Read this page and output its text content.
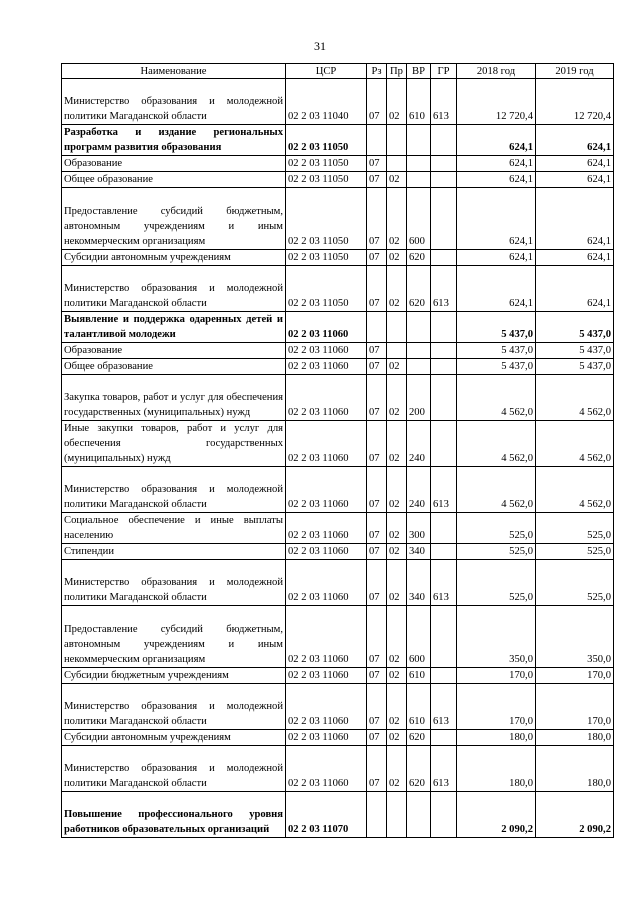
31
Наименование	ЦСР	Рз	Пр	ВР	ГР	2018 год	2019 год
Министерство образования и молодежной политики Магаданской области	02 2 03 11040	07	02	610	613	12 720,4	12 720,4
Разработка и издание региональных программ развития образования	02 2 03 11050					624,1	624,1
Образование	02 2 03 11050	07				624,1	624,1
Общее образование	02 2 03 11050	07	02			624,1	624,1
Предоставление субсидий бюджетным, автономным учреждениям и иным некоммерческим организациям	02 2 03 11050	07	02	600		624,1	624,1
Субсидии автономным учреждениям	02 2 03 11050	07	02	620		624,1	624,1
Министерство образования и молодежной политики Магаданской области	02 2 03 11050	07	02	620	613	624,1	624,1
Выявление и поддержка одаренных детей и талантливой молодежи	02 2 03 11060					5 437,0	5 437,0
Образование	02 2 03 11060	07				5 437,0	5 437,0
Общее образование	02 2 03 11060	07	02			5 437,0	5 437,0
Закупка товаров, работ и услуг для обеспечения государственных (муниципальных) нужд	02 2 03 11060	07	02	200		4 562,0	4 562,0
Иные закупки товаров, работ и услуг для обеспечения государственных (муниципальных) нужд	02 2 03 11060	07	02	240		4 562,0	4 562,0
Министерство образования и молодежной политики Магаданской области	02 2 03 11060	07	02	240	613	4 562,0	4 562,0
Социальное обеспечение и иные выплаты населению	02 2 03 11060	07	02	300		525,0	525,0
Стипендии	02 2 03 11060	07	02	340		525,0	525,0
Министерство образования и молодежной политики Магаданской области	02 2 03 11060	07	02	340	613	525,0	525,0
Предоставление субсидий бюджетным, автономным учреждениям и иным некоммерческим организациям	02 2 03 11060	07	02	600		350,0	350,0
Субсидии бюджетным учреждениям	02 2 03 11060	07	02	610		170,0	170,0
Министерство образования и молодежной политики Магаданской области	02 2 03 11060	07	02	610	613	170,0	170,0
Субсидии автономным учреждениям	02 2 03 11060	07	02	620		180,0	180,0
Министерство образования и молодежной политики Магаданской области	02 2 03 11060	07	02	620	613	180,0	180,0
Повышение профессионального уровня работников образовательных организаций	02 2 03 11070					2 090,2	2 090,2
